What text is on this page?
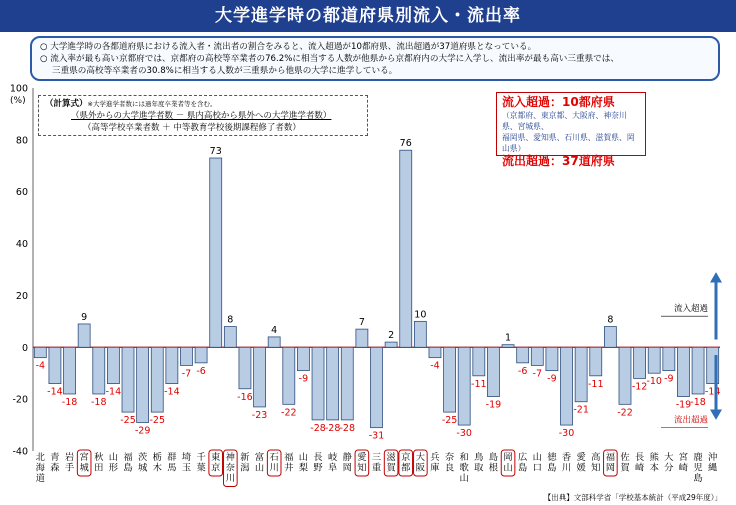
大学進学時の都道府県別流入・流出率
○ 大学進学時の各都道府県における流入者・流出者の割合をみると、流入超過が10都府県、流出超過が37道府県となっている。
○ 流入率が最も高い京都府では、京都府の高校等卒業者の76.2%に相当する人数が他県から京都府内の大学に入学し、流出率が最も高い三重県では、
三重県の高校等卒業者の30.8%に相当する人数が三重県から他県の大学に進学している。
100
80
60
40
20
0
-20
-40
(%)
-4
北
海
道
-14
青
森
-18
岩
手
9
宮
城
-18
秋
田
-14
山
形
-25
福
島
-29
茨
城
-25
栃
木
-14
群
馬
-7
埼
玉
-6
千
葉
73
東
京
8
神
奈
川
-16
新
潟
-23
富
山
4
石
川
-22
福
井
-9
山
梨
-28
長
野
-28
岐
阜
-28
静
岡
7
愛
知
-31
三
重
2
滋
賀
76
京
都
10
大
阪
-4
兵
庫
-25
奈
良
-30
和
歌
山
-11
鳥
取
-19
島
根
1
岡
山
-6
広
島
-7
山
口
-9
徳
島
-30
香
川
-21
愛
媛
-11
高
知
8
福
岡
-22
佐
賀
-12
長
崎
-10
熊
本
-9
大
分
-19
宮
崎
-18
鹿
児
島
-14
沖
縄
流入超過
流出超過
（計算式）※大学進学者数には過年度卒業者等を含む。
（県外からの大学進学者数 － 県内高校から県外への大学進学者数）
（高等学校卒業者数 ＋ 中等教育学校後期課程修了者数）
流入超過：10都府県
（京都府、東京都、大阪府、神奈川県、宮城県、
福岡県、愛知県、石川県、滋賀県、岡山県）
流出超過：37道府県
【出典】文部科学省「学校基本統計（平成29年度）」
